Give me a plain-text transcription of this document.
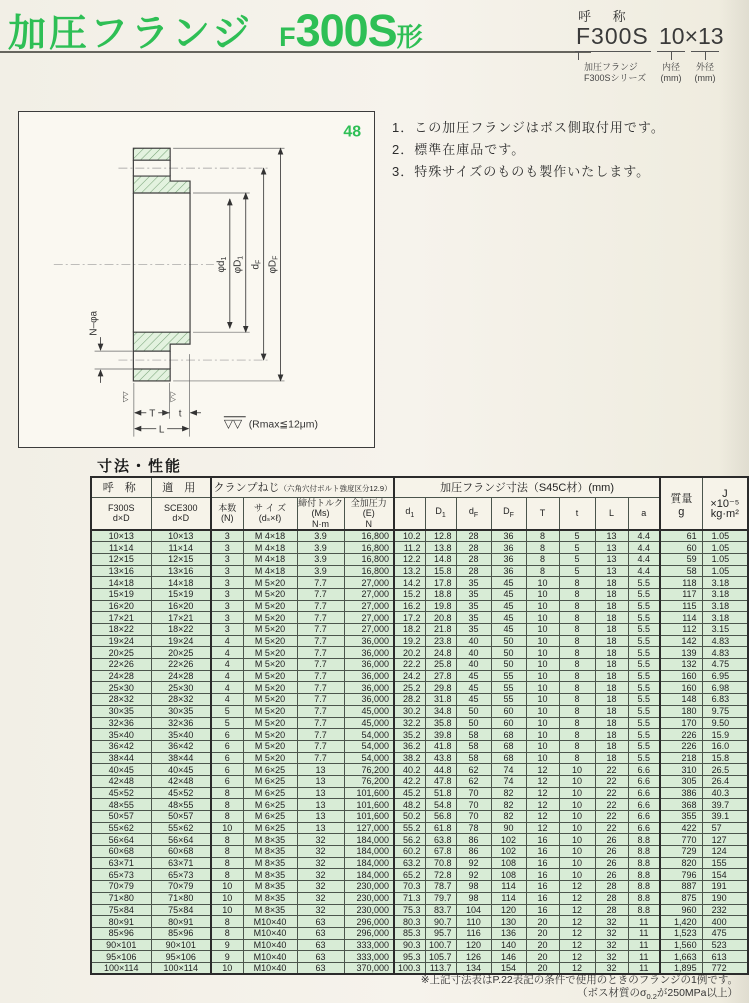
加圧フランジ F300S形
呼 称
F300S 10×13
加圧フランジ
F300Sシリーズ
内径
(mm)
外径
(mm)
48
$\varphi d_1$
$\varphi D_1$
$d_F$ $\varphi D_F$
N–φa
T t
L
▽▽	▽▽
▽▽ (Rmax≦12μm)
1．この加圧フランジはボス側取付用です。
2．標準在庫品です。
3．特殊サイズのものも製作いたします。
寸法・性能
呼 称	適 用	クランプねじ（六角穴付ボルト強度区分12.9）	加圧フランジ寸法（S45C材）(mm)	
質量
g

J
×10⁻⁵
kg·m²

F300S
d×D

SCE300
d×D

本数
(N)

サ イ ズ
(dₛ×ℓ)

締付トルク
(Ms)
N·m

全加圧力
(E)
N
	$d_1$	$D_1$	$d_F$	$D_F$	T	t	L	a
10×13	10×13	3	M 4×18	3.9	16,800	10.2	12.8	28	36	8	5	13	4.4	61	1.05
11×14	11×14	3	M 4×18	3.9	16,800	11.2	13.8	28	36	8	5	13	4.4	60	1.05
12×15	12×15	3	M 4×18	3.9	16,800	12.2	14.8	28	36	8	5	13	4.4	59	1.05
13×16	13×16	3	M 4×18	3.9	16,800	13.2	15.8	28	36	8	5	13	4.4	58	1.05
14×18	14×18	3	M 5×20	7.7	27,000	14.2	17.8	35	45	10	8	18	5.5	118	3.18
15×19	15×19	3	M 5×20	7.7	27,000	15.2	18.8	35	45	10	8	18	5.5	117	3.18
16×20	16×20	3	M 5×20	7.7	27,000	16.2	19.8	35	45	10	8	18	5.5	115	3.18
17×21	17×21	3	M 5×20	7.7	27,000	17.2	20.8	35	45	10	8	18	5.5	114	3.18
18×22	18×22	3	M 5×20	7.7	27,000	18.2	21.8	35	45	10	8	18	5.5	112	3.15
19×24	19×24	4	M 5×20	7.7	36,000	19.2	23.8	40	50	10	8	18	5.5	142	4.83
20×25	20×25	4	M 5×20	7.7	36,000	20.2	24.8	40	50	10	8	18	5.5	139	4.83
22×26	22×26	4	M 5×20	7.7	36,000	22.2	25.8	40	50	10	8	18	5.5	132	4.75
24×28	24×28	4	M 5×20	7.7	36,000	24.2	27.8	45	55	10	8	18	5.5	160	6.95
25×30	25×30	4	M 5×20	7.7	36,000	25.2	29.8	45	55	10	8	18	5.5	160	6.98
28×32	28×32	4	M 5×20	7.7	36,000	28.2	31.8	45	55	10	8	18	5.5	148	6.83
30×35	30×35	5	M 5×20	7.7	45,000	30.2	34.8	50	60	10	8	18	5.5	180	9.75
32×36	32×36	5	M 5×20	7.7	45,000	32.2	35.8	50	60	10	8	18	5.5	170	9.50
35×40	35×40	6	M 5×20	7.7	54,000	35.2	39.8	58	68	10	8	18	5.5	226	15.9
36×42	36×42	6	M 5×20	7.7	54,000	36.2	41.8	58	68	10	8	18	5.5	226	16.0
38×44	38×44	6	M 5×20	7.7	54,000	38.2	43.8	58	68	10	8	18	5.5	218	15.8
40×45	40×45	6	M 6×25	13	76,200	40.2	44.8	62	74	12	10	22	6.6	310	26.5
42×48	42×48	6	M 6×25	13	76,200	42.2	47.8	62	74	12	10	22	6.6	305	26.4
45×52	45×52	8	M 6×25	13	101,600	45.2	51.8	70	82	12	10	22	6.6	386	40.3
48×55	48×55	8	M 6×25	13	101,600	48.2	54.8	70	82	12	10	22	6.6	368	39.7
50×57	50×57	8	M 6×25	13	101,600	50.2	56.8	70	82	12	10	22	6.6	355	39.1
55×62	55×62	10	M 6×25	13	127,000	55.2	61.8	78	90	12	10	22	6.6	422	57
56×64	56×64	8	M 8×35	32	184,000	56.2	63.8	86	102	16	10	26	8.8	770	127
60×68	60×68	8	M 8×35	32	184,000	60.2	67.8	86	102	16	10	26	8.8	729	124
63×71	63×71	8	M 8×35	32	184,000	63.2	70.8	92	108	16	10	26	8.8	820	155
65×73	65×73	8	M 8×35	32	184,000	65.2	72.8	92	108	16	10	26	8.8	796	154
70×79	70×79	10	M 8×35	32	230,000	70.3	78.7	98	114	16	12	28	8.8	887	191
71×80	71×80	10	M 8×35	32	230,000	71.3	79.7	98	114	16	12	28	8.8	875	190
75×84	75×84	10	M 8×35	32	230,000	75.3	83.7	104	120	16	12	28	8.8	960	232
80×91	80×91	8	M10×40	63	296,000	80.3	90.7	110	130	20	12	32	11	1,420	400
85×96	85×96	8	M10×40	63	296,000	85.3	95.7	116	136	20	12	32	11	1,523	475
90×101	90×101	9	M10×40	63	333,000	90.3	100.7	120	140	20	12	32	11	1,560	523
95×106	95×106	9	M10×40	63	333,000	95.3	105.7	126	146	20	12	32	11	1,663	613
100×114	100×114	10	M10×40	63	370,000	100.3	113.7	134	154	20	12	32	11	1,895	772
※上記寸法表はP.22表記の条件で使用のときのフランジの1例です。
（ボス材質の$\sigma_{0.2}$が250MPa以上）
